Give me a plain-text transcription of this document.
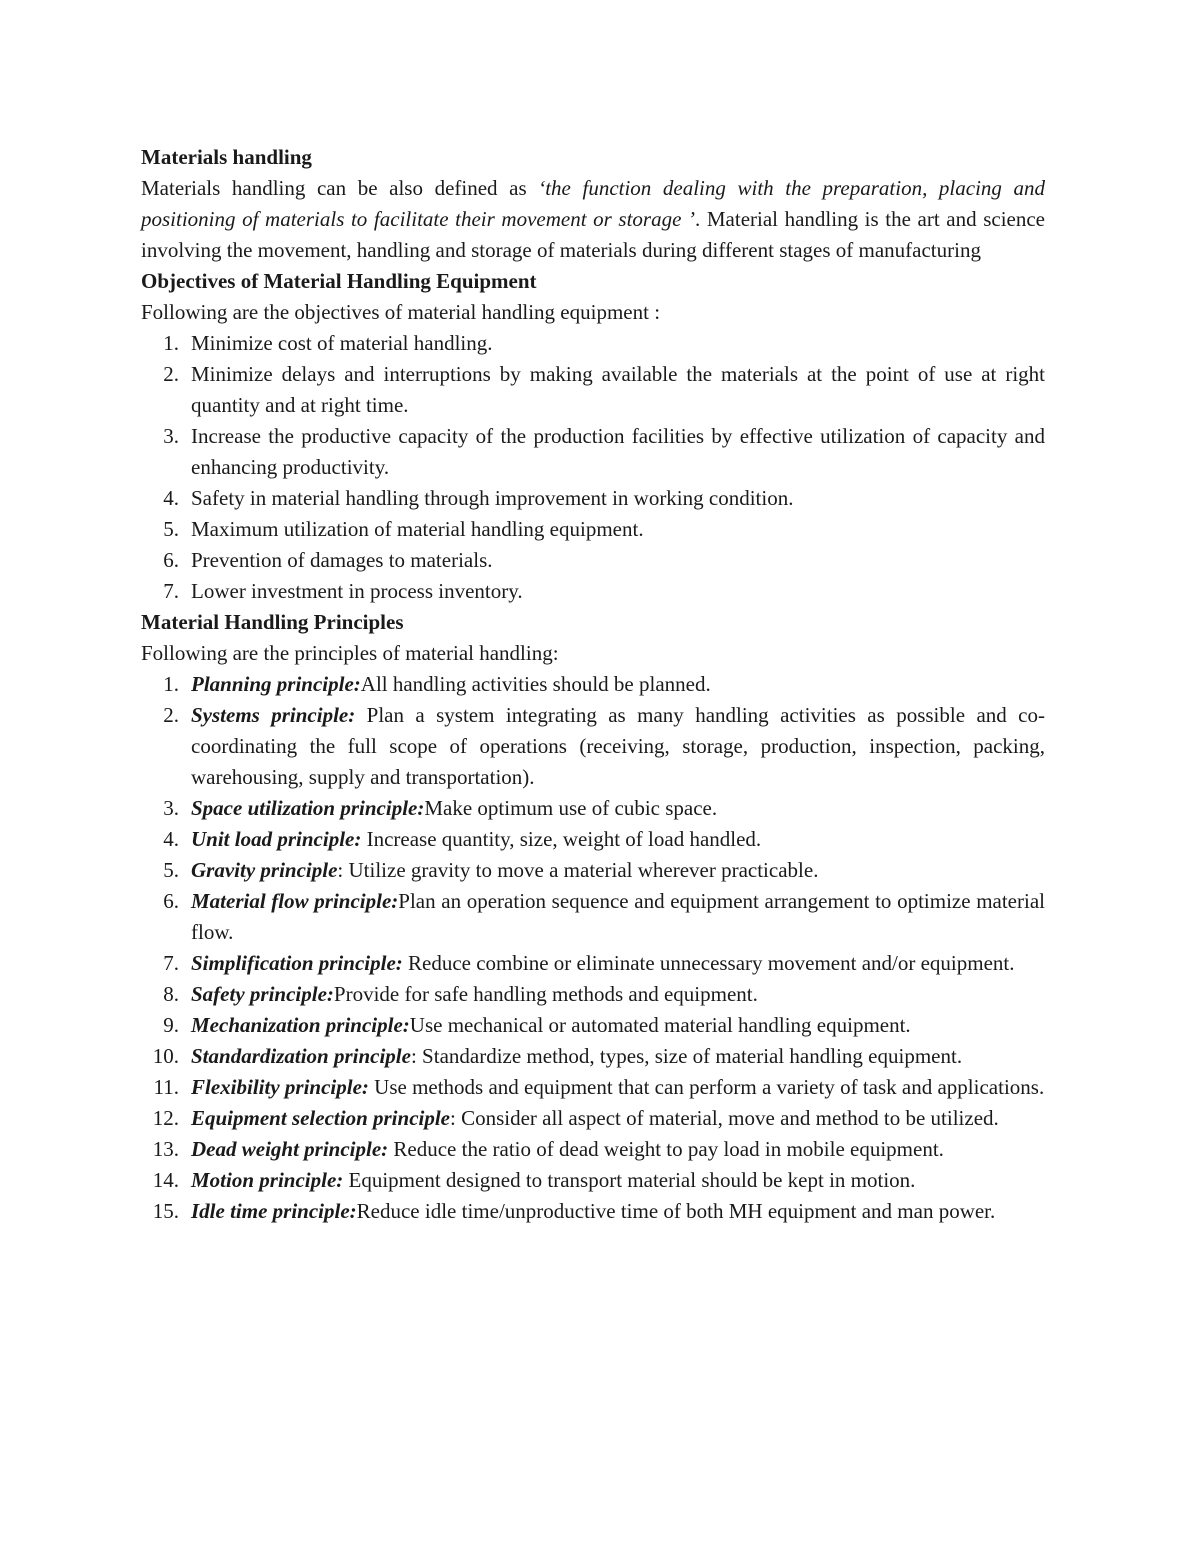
Materials handling

Materials handling can be also defined as ‘the function dealing with the preparation, placing and positioning of materials to facilitate their movement or storage ’. Material handling is the art and science involving the movement, handling and storage of materials during different stages of manufacturing

Objectives of Material Handling Equipment

Following are the objectives of material handling equipment :

1. Minimize cost of material handling.
2. Minimize delays and interruptions by making available the materials at the point of use at right quantity and at right time.
3. Increase the productive capacity of the production facilities by effective utilization of capacity and enhancing productivity.
4. Safety in material handling through improvement in working condition.
5. Maximum utilization of material handling equipment.
6. Prevention of damages to materials.
7. Lower investment in process inventory.

Material Handling Principles

Following are the principles of material handling:

1. Planning principle:All handling activities should be planned.
2. Systems principle: Plan a system integrating as many handling activities as possible and co-coordinating the full scope of operations (receiving, storage, production, inspection, packing, warehousing, supply and transportation).
3. Space utilization principle:Make optimum use of cubic space.
4. Unit load principle: Increase quantity, size, weight of load handled.
5. Gravity principle: Utilize gravity to move a material wherever practicable.
6. Material flow principle:Plan an operation sequence and equipment arrangement to optimize material flow.
7. Simplification principle: Reduce combine or eliminate unnecessary movement and/or equipment.
8. Safety principle:Provide for safe handling methods and equipment.
9. Mechanization principle:Use mechanical or automated material handling equipment.
10. Standardization principle: Standardize method, types, size of material handling equipment.
11. Flexibility principle: Use methods and equipment that can perform a variety of task and applications.
12. Equipment selection principle: Consider all aspect of material, move and method to be utilized.
13. Dead weight principle: Reduce the ratio of dead weight to pay load in mobile equipment.
14. Motion principle: Equipment designed to transport material should be kept in motion.
15. Idle time principle:Reduce idle time/unproductive time of both MH equipment and man power.
